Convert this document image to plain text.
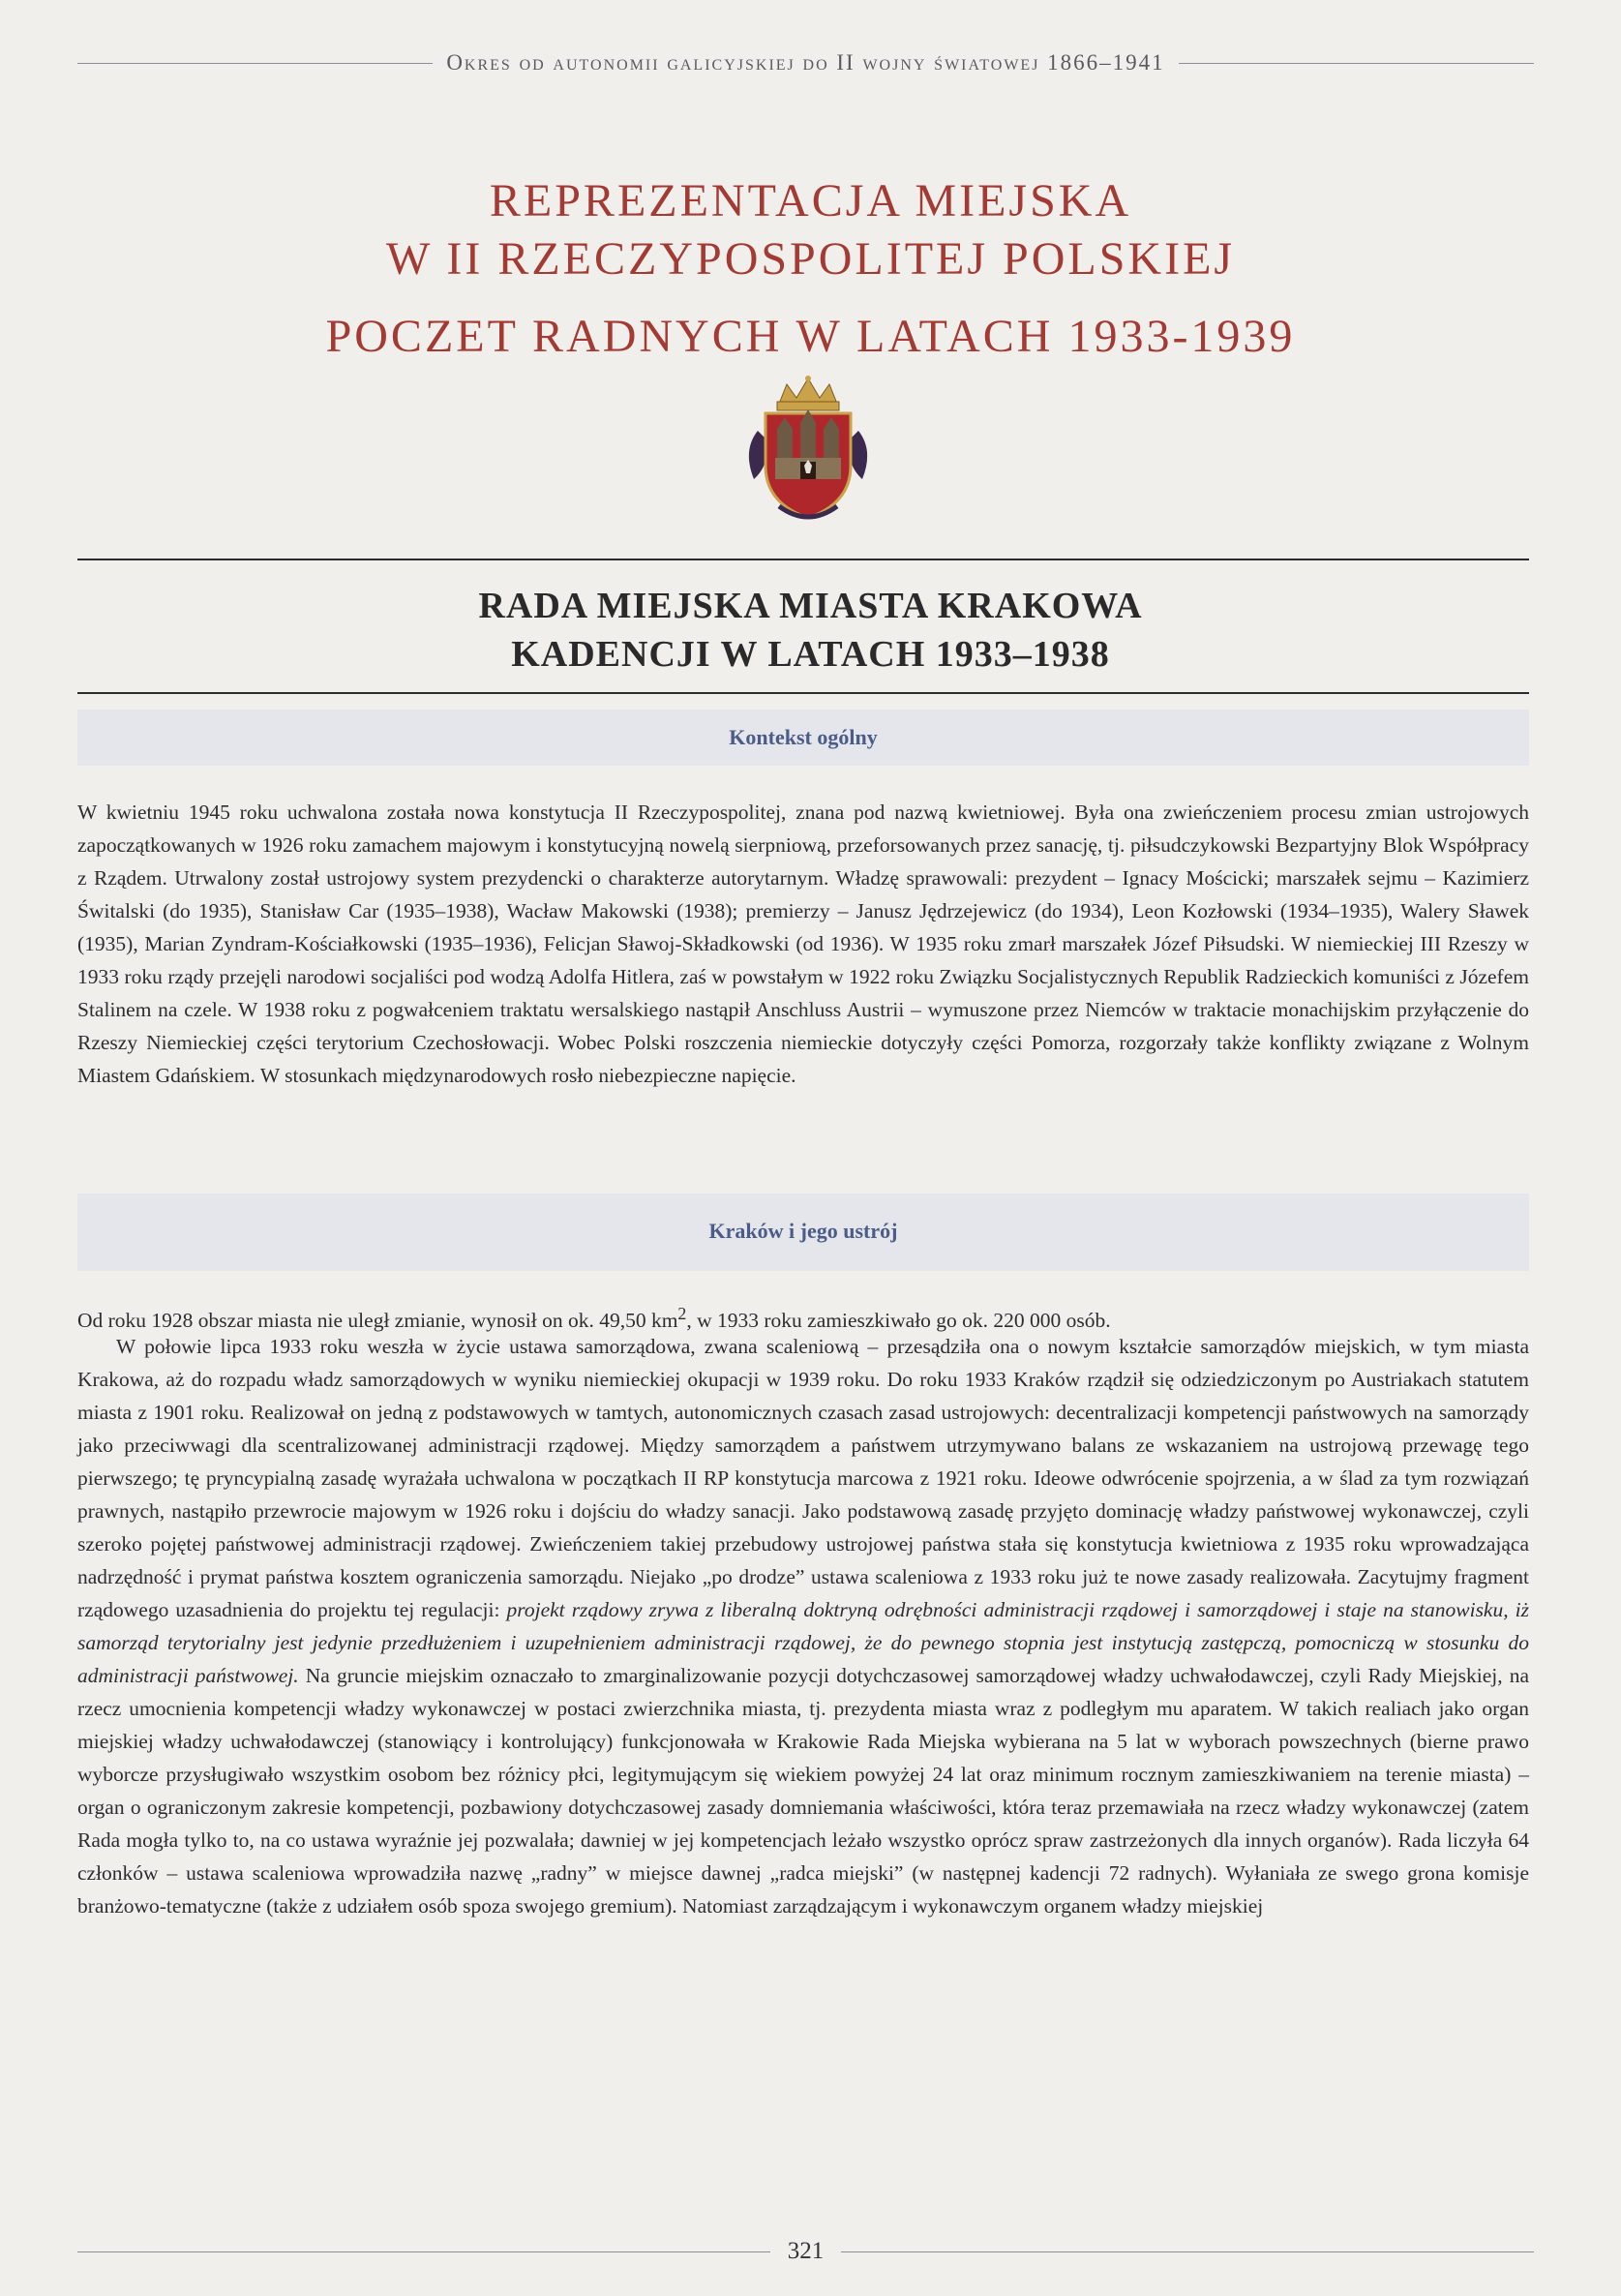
Okres od autonomii galicyjskiej do II wojny światowej 1866–1941
REPREZENTACJA MIEJSKA
W II RZECZYPOSPOLITEJ POLSKIEJ
POCZET RADNYCH W LATACH 1933-1939
RADA MIEJSKA MIASTA KRAKOWA
KADENCJI W LATACH 1933–1938
Kontekst ogólny

W kwietniu 1945 roku uchwalona została nowa konstytucja II Rzeczypospolitej, znana pod nazwą kwietniowej. Była ona zwieńczeniem procesu zmian ustrojowych zapoczątkowanych w 1926 roku zamachem majowym i konstytucyjną nowelą sierpniową, przeforsowanych przez sanację, tj. piłsudczykowski Bezpartyjny Blok Współpracy z Rządem. Utrwalony został ustrojowy system prezydencki o charakterze autorytarnym. Władzę sprawowali: prezydent – Ignacy Mościcki; marszałek sejmu – Kazimierz Świtalski (do 1935), Stanisław Car (1935–1938), Wacław Makowski (1938); premierzy – Janusz Jędrzejewicz (do 1934), Leon Kozłowski (1934–1935), Walery Sławek (1935), Marian Zyndram-Kościałkowski (1935–1936), Felicjan Sławoj-Składkowski (od 1936). W 1935 roku zmarł marszałek Józef Piłsudski. W niemieckiej III Rzeszy w 1933 roku rządy przejęli narodowi socjaliści pod wodzą Adolfa Hitlera, zaś w powstałym w 1922 roku Związku Socjalistycznych Republik Radzieckich komuniści z Józefem Stalinem na czele. W 1938 roku z pogwałceniem traktatu wersalskiego nastąpił Anschluss Austrii – wymuszone przez Niemców w traktacie monachijskim przyłączenie do Rzeszy Niemieckiej części terytorium Czechosłowacji. Wobec Polski roszczenia niemieckie dotyczyły części Pomorza, rozgorzały także konflikty związane z Wolnym Miastem Gdańskiem. W stosunkach międzynarodowych rosło niebezpieczne napięcie.

Kraków i jego ustrój

Od roku 1928 obszar miasta nie uległ zmianie, wynosił on ok. 49,50 $km^2$, w 1933 roku zamieszkiwało go ok. 220 000 osób.

W połowie lipca 1933 roku weszła w życie ustawa samorządowa, zwana scaleniową – przesądziła ona o nowym kształcie samorządów miejskich, w tym miasta Krakowa, aż do rozpadu władz samorządowych w wyniku niemieckiej okupacji w 1939 roku. Do roku 1933 Kraków rządził się odziedziczonym po Austriakach statutem miasta z 1901 roku. Realizował on jedną z podstawowych w tamtych, autonomicznych czasach zasad ustrojowych: decentralizacji kompetencji państwowych na samorządy jako przeciwwagi dla scentralizowanej administracji rządowej. Między samorządem a państwem utrzymywano balans ze wskazaniem na ustrojową przewagę tego pierwszego; tę pryncypialną zasadę wyrażała uchwalona w początkach II RP konstytucja marcowa z 1921 roku. Ideowe odwrócenie spojrzenia, a w ślad za tym rozwiązań prawnych, nastąpiło przewrocie majowym w 1926 roku i dojściu do władzy sanacji. Jako podstawową zasadę przyjęto dominację władzy państwowej wykonawczej, czyli szeroko pojętej państwowej administracji rządowej. Zwieńczeniem takiej przebudowy ustrojowej państwa stała się konstytucja kwietniowa z 1935 roku wprowadzająca nadrzędność i prymat państwa kosztem ograniczenia samorządu. Niejako „po drodze” ustawa scaleniowa z 1933 roku już te nowe zasady realizowała. Zacytujmy fragment rządowego uzasadnienia do projektu tej regulacji: projekt rządowy zrywa z liberalną doktryną odrębności administracji rządowej i samorządowej i staje na stanowisku, iż samorząd terytorialny jest jedynie przedłużeniem i uzupełnieniem administracji rządowej, że do pewnego stopnia jest instytucją zastępczą, pomocniczą w stosunku do administracji państwowej. Na gruncie miejskim oznaczało to zmarginalizowanie pozycji dotychczasowej samorządowej władzy uchwałodawczej, czyli Rady Miejskiej, na rzecz umocnienia kompetencji władzy wykonawczej w postaci zwierzchnika miasta, tj. prezydenta miasta wraz z podległym mu aparatem. W takich realiach jako organ miejskiej władzy uchwałodawczej (stanowiący i kontrolujący) funkcjonowała w Krakowie Rada Miejska wybierana na 5 lat w wyborach powszechnych (bierne prawo wyborcze przysługiwało wszystkim osobom bez różnicy płci, legitymującym się wiekiem powyżej 24 lat oraz minimum rocznym zamieszkiwaniem na terenie miasta) – organ o ograniczonym zakresie kompetencji, pozbawiony dotychczasowej zasady domniemania właściwości, która teraz przemawiała na rzecz władzy wykonawczej (zatem Rada mogła tylko to, na co ustawa wyraźnie jej pozwalała; dawniej w jej kompetencjach leżało wszystko oprócz spraw zastrzeżonych dla innych organów). Rada liczyła 64 członków – ustawa scaleniowa wprowadziła nazwę „radny” w miejsce dawnej „radca miejski” (w następnej kadencji 72 radnych). Wyłaniała ze swego grona komisje branżowo-tematyczne (także z udziałem osób spoza swojego gremium). Natomiast zarządzającym i wykonawczym organem władzy miejskiej

321
